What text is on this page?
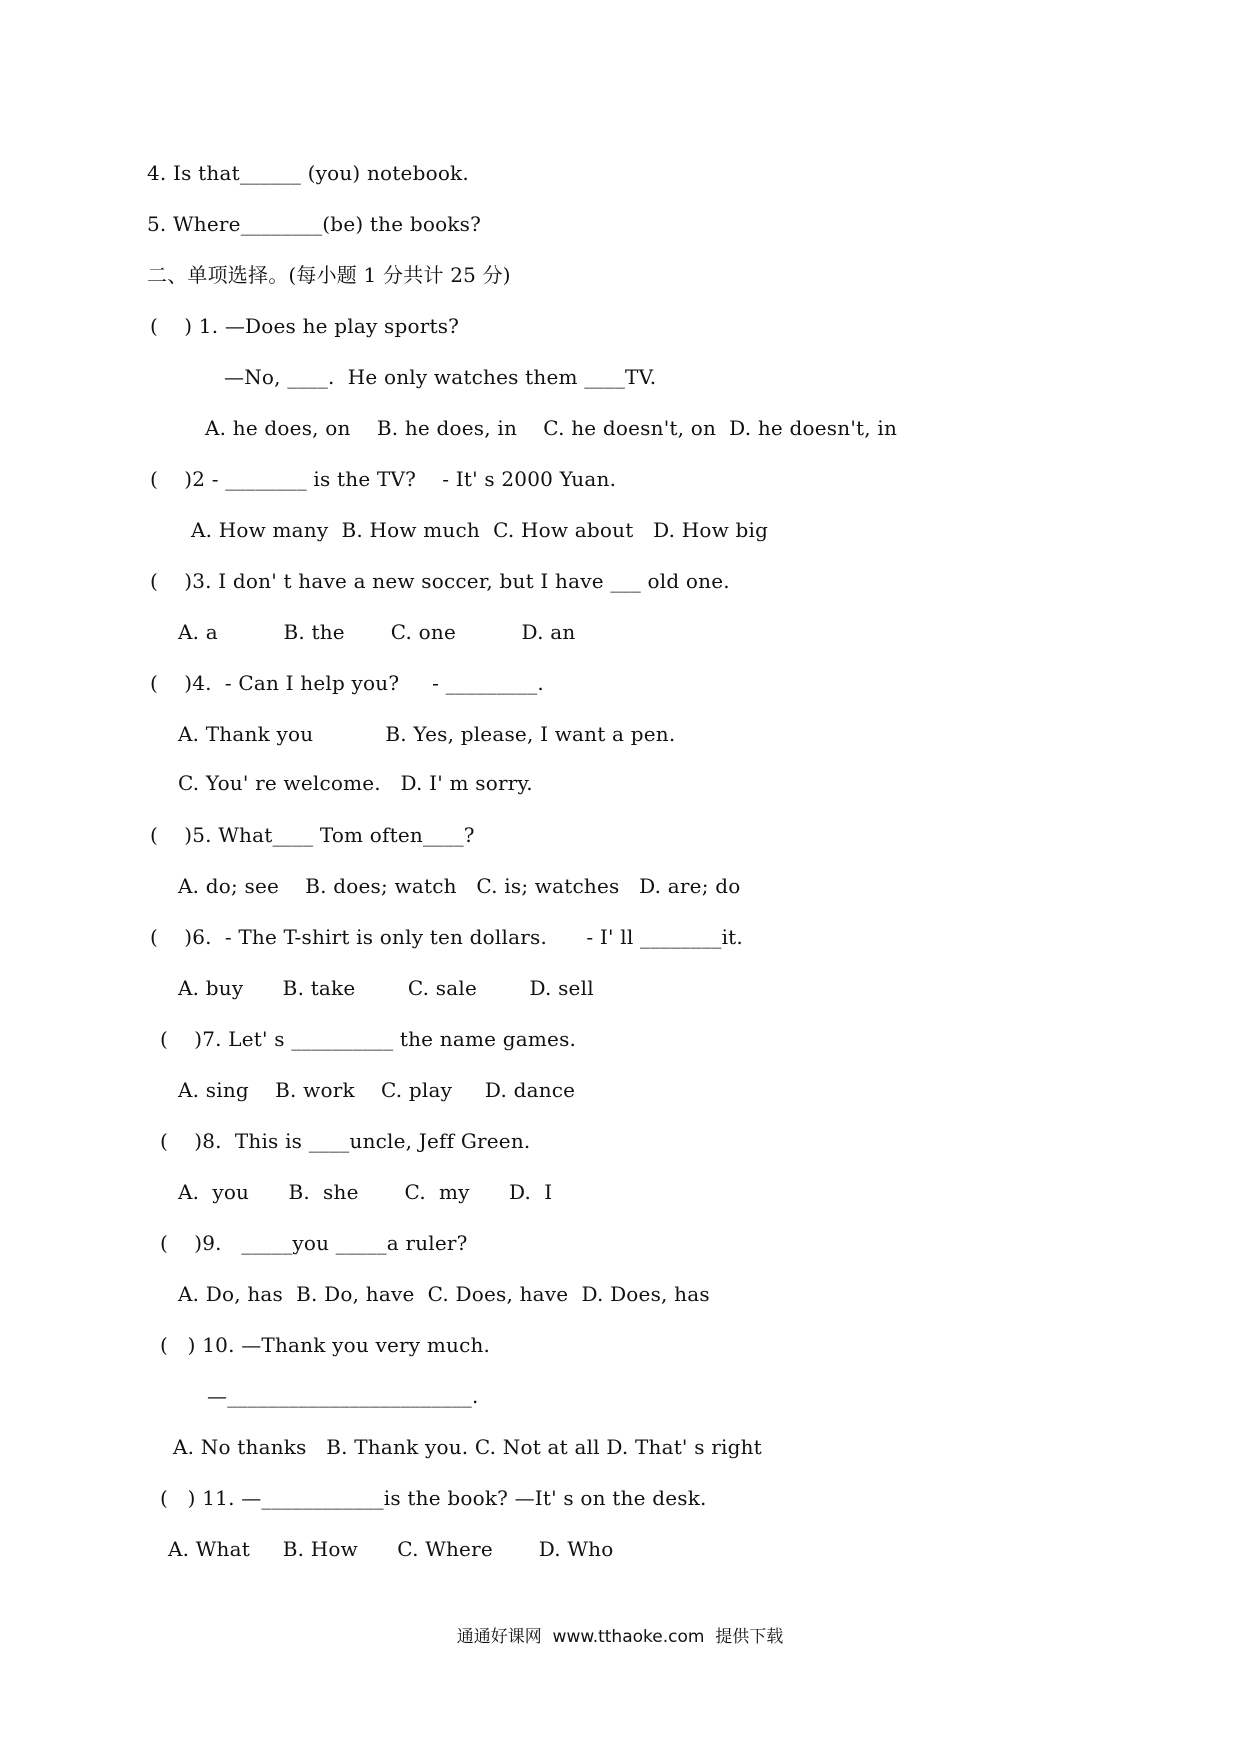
4. Is that______ (you) notebook.
5. Where________(be) the books?
二、单项选择。(每小题 1 分共计 25 分)
(    ) 1. —Does he play sports?
—No, ____.  He only watches them ____TV.
A. he does, on    B. he does, in    C. he doesn't, on  D. he doesn't, in
(    )2 - ________ is the TV?    - It' s 2000 Yuan.
A. How many  B. How much  C. How about   D. How big
(    )3. I don' t have a new soccer, but I have ___ old one.
A. a          B. the       C. one          D. an
(    )4.  - Can I help you?     - _________.
A. Thank you           B. Yes, please, I want a pen.
C. You' re welcome.   D. I' m sorry.
(    )5. What____ Tom often____?
A. do; see    B. does; watch   C. is; watches   D. are; do
(    )6.  - The T-shirt is only ten dollars.      - I' ll ________it.
A. buy      B. take        C. sale        D. sell
(    )7. Let' s __________ the name games.
A. sing    B. work    C. play     D. dance
(    )8.  This is ____uncle, Jeff Green.
A.  you      B.  she       C.  my      D.  I
(    )9.   _____you _____a ruler?
A. Do, has  B. Do, have  C. Does, have  D. Does, has
(   ) 10. —Thank you very much.
—________________________.
A. No thanks   B. Thank you. C. Not at all D. That' s right
(   ) 11. —____________is the book? —It' s on the desk.
A. What     B. How      C. Where       D. Who
通通好课网  www.tthaoke.com  提供下载
